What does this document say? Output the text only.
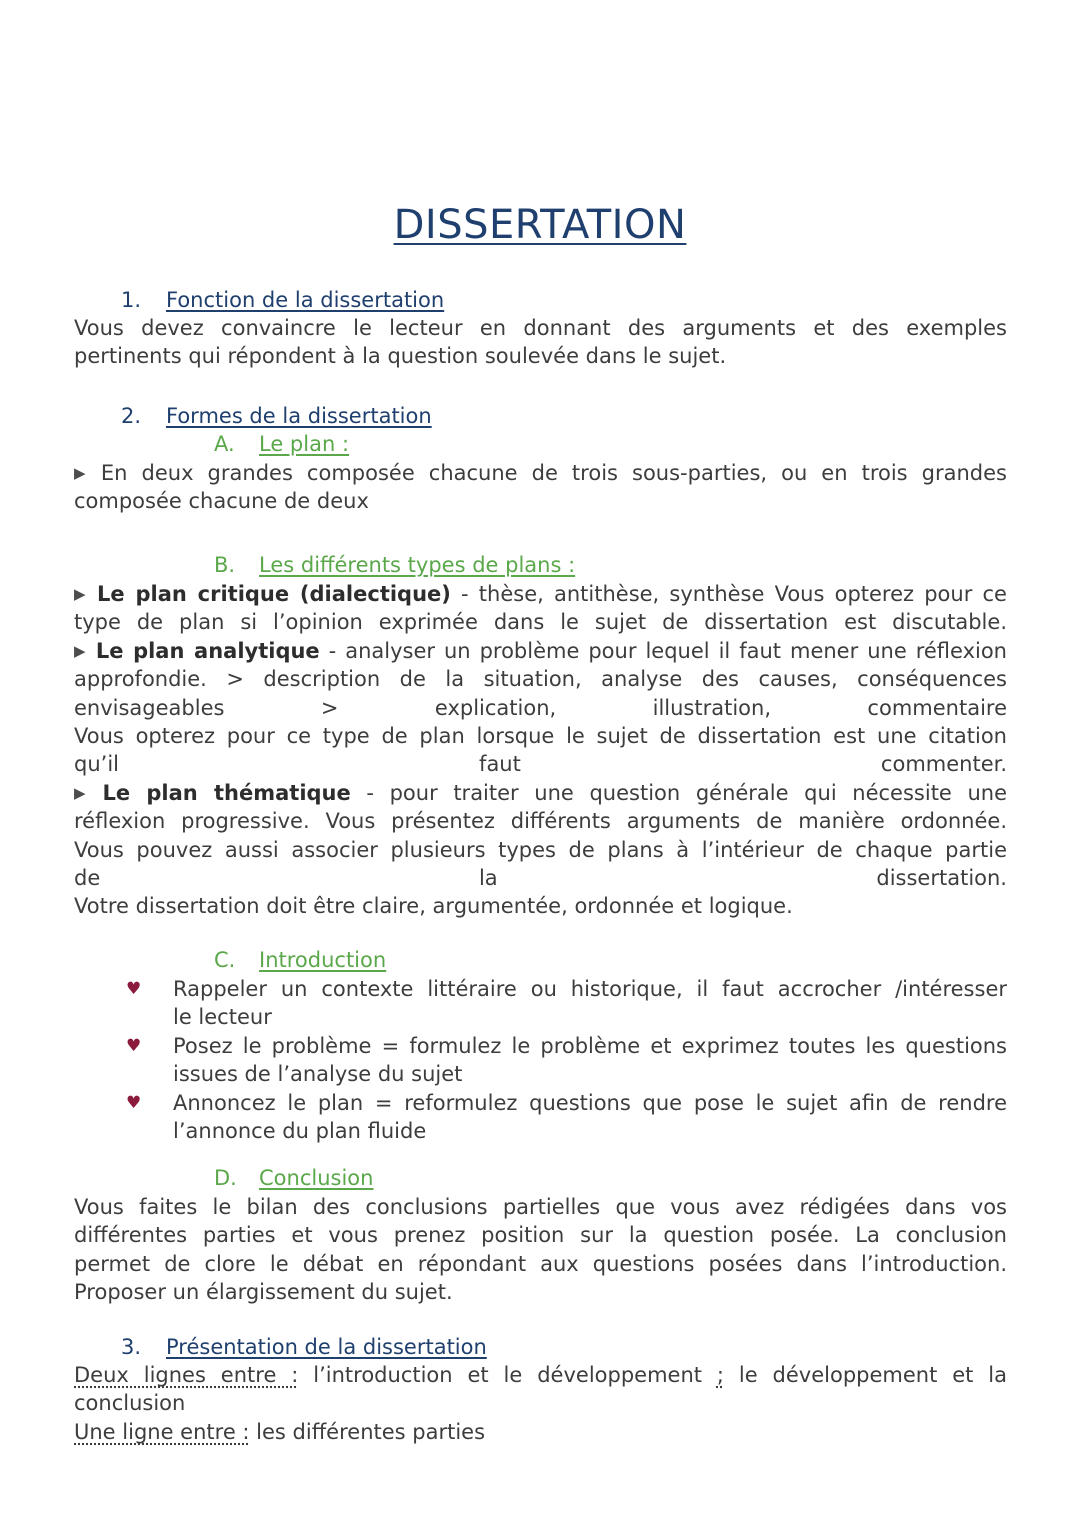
DISSERTATION
1. Fonction de la dissertation
Vous devez convaincre le lecteur en donnant des arguments et des exemples
pertinents qui répondent à la question soulevée dans le sujet.
2. Formes de la dissertation
A. Le plan :
▶ En deux grandes composée chacune de trois sous-parties, ou en trois grandes
composée chacune de deux
B. Les différents types de plans :
▶ Le plan critique (dialectique) - thèse, antithèse, synthèse Vous opterez pour ce
type de plan si l’opinion exprimée dans le sujet de dissertation est discutable.
▶ Le plan analytique - analyser un problème pour lequel il faut mener une réflexion
approfondie. > description de la situation, analyse des causes, conséquences
envisageables > explication, illustration, commentaire
Vous opterez pour ce type de plan lorsque le sujet de dissertation est une citation
qu’il faut commenter.
▶ Le plan thématique - pour traiter une question générale qui nécessite une
réflexion progressive. Vous présentez différents arguments de manière ordonnée.
Vous pouvez aussi associer plusieurs types de plans à l’intérieur de chaque partie
de la dissertation.
Votre dissertation doit être claire, argumentée, ordonnée et logique.
C. Introduction
♥ Rappeler un contexte littéraire ou historique, il faut accrocher /intéresser
le lecteur
♥ Posez le problème = formulez le problème et exprimez toutes les questions
issues de l’analyse du sujet
♥ Annoncez le plan = reformulez questions que pose le sujet afin de rendre
l’annonce du plan fluide
D. Conclusion
Vous faites le bilan des conclusions partielles que vous avez rédigées dans vos
différentes parties et vous prenez position sur la question posée. La conclusion
permet de clore le débat en répondant aux questions posées dans l’introduction.
Proposer un élargissement du sujet.
3. Présentation de la dissertation
Deux lignes entre : l’introduction et le développement ; le développement et la
conclusion
Une ligne entre : les différentes parties
